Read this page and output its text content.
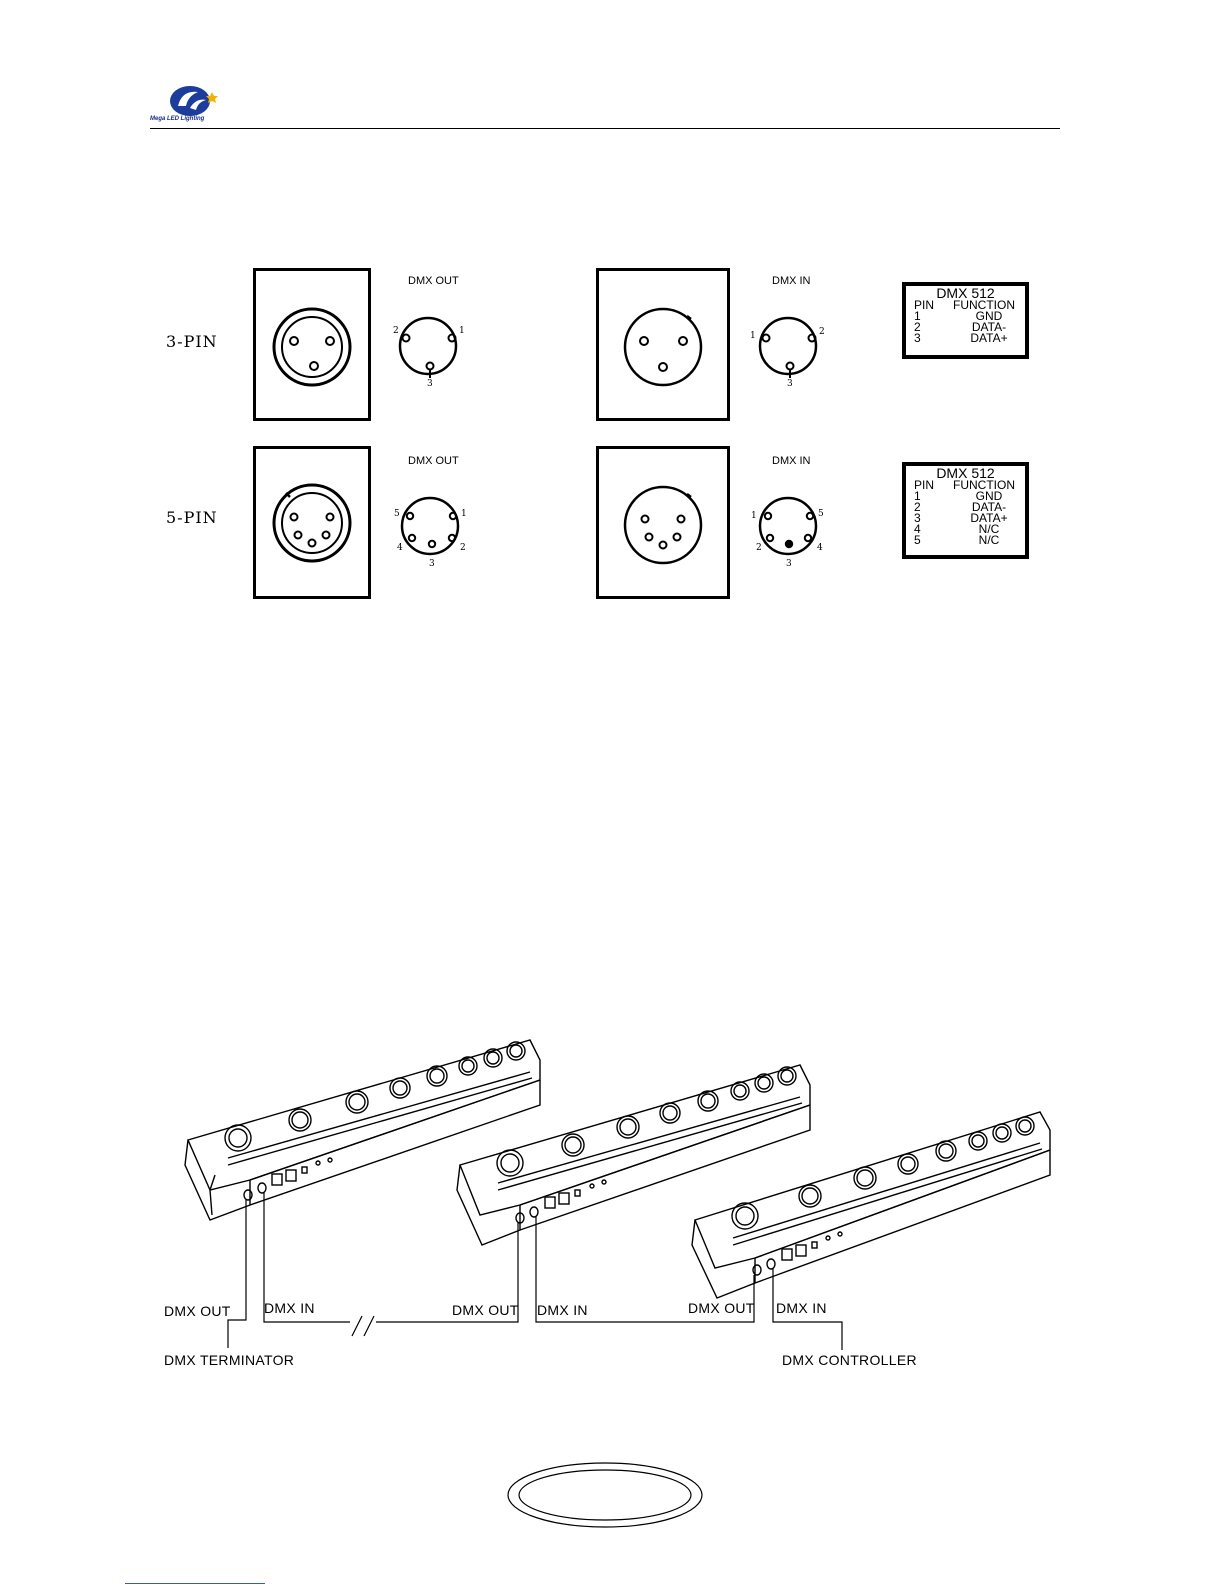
Mega LED Lighting
3-PIN
DMX OUT
2	1
3
DMX IN
1	2
3
DMX 512
PIN FUNCTION
1	GND
2	DATA-
3	DATA+
5-PIN
DMX OUT
5	1
4
3
2
DMX IN
1	5
2
3
4
DMX 512
PIN FUNCTION
1	GND
2	DATA-
3	DATA+
4	N/C
5	N/C
DMX OUT DMX IN	DMX OUT DMX IN	DMX OUT DMX IN
DMX TERMINATOR	DMX CONTROLLER
